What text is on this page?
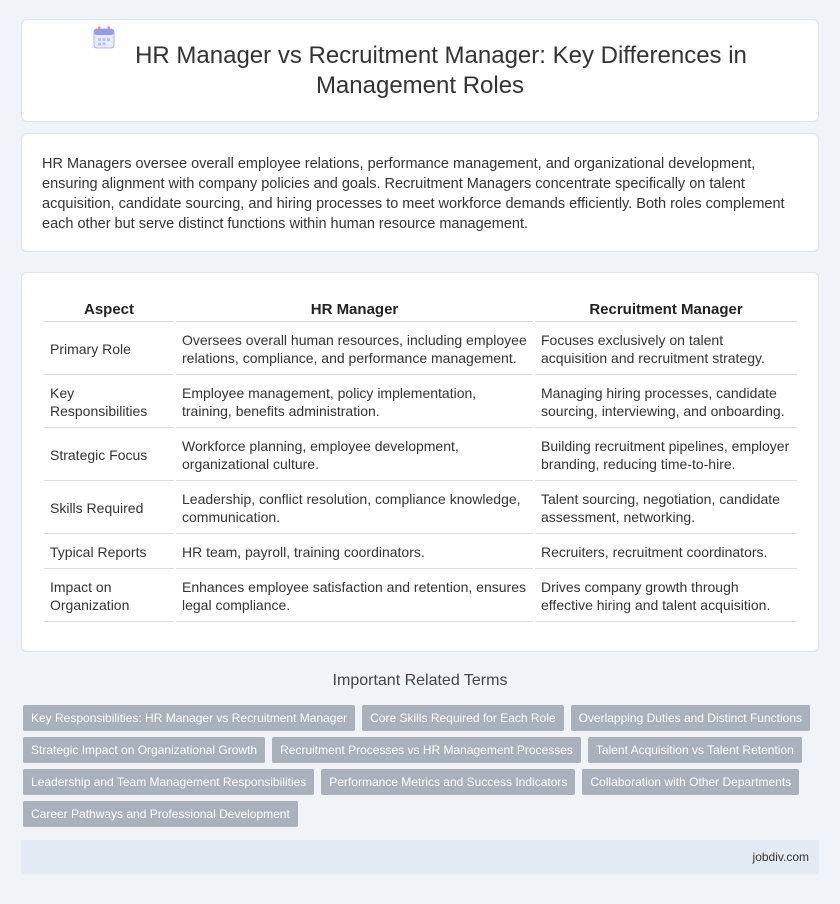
HR Manager vs Recruitment Manager: Key Differences in Management Roles

HR Managers oversee overall employee relations, performance management, and organizational development, ensuring alignment with company policies and goals. Recruitment Managers concentrate specifically on talent acquisition, candidate sourcing, and hiring processes to meet workforce demands efficiently. Both roles complement each other but serve distinct functions within human resource management.

Aspect	HR Manager	Recruitment Manager
Primary Role	Oversees overall human resources, including employee relations, compliance, and performance management.	Focuses exclusively on talent acquisition and recruitment strategy.
Key Responsibilities	Employee management, policy implementation, training, benefits administration.	Managing hiring processes, candidate sourcing, interviewing, and onboarding.
Strategic Focus	Workforce planning, employee development, organizational culture.	Building recruitment pipelines, employer branding, reducing time-to-hire.
Skills Required	Leadership, conflict resolution, compliance knowledge, communication.	Talent sourcing, negotiation, candidate assessment, networking.
Typical Reports	HR team, payroll, training coordinators.	Recruiters, recruitment coordinators.
Impact on Organization	Enhances employee satisfaction and retention, ensures legal compliance.	Drives company growth through effective hiring and talent acquisition.
Important Related Terms
Key Responsibilities: HR Manager vs Recruitment Manager	Core Skills Required for Each Role	Overlapping Duties and Distinct Functions
Strategic Impact on Organizational Growth	Recruitment Processes vs HR Management Processes	Talent Acquisition vs Talent Retention
Leadership and Team Management Responsibilities	Performance Metrics and Success Indicators	Collaboration with Other Departments
Career Pathways and Professional Development
jobdiv.com
